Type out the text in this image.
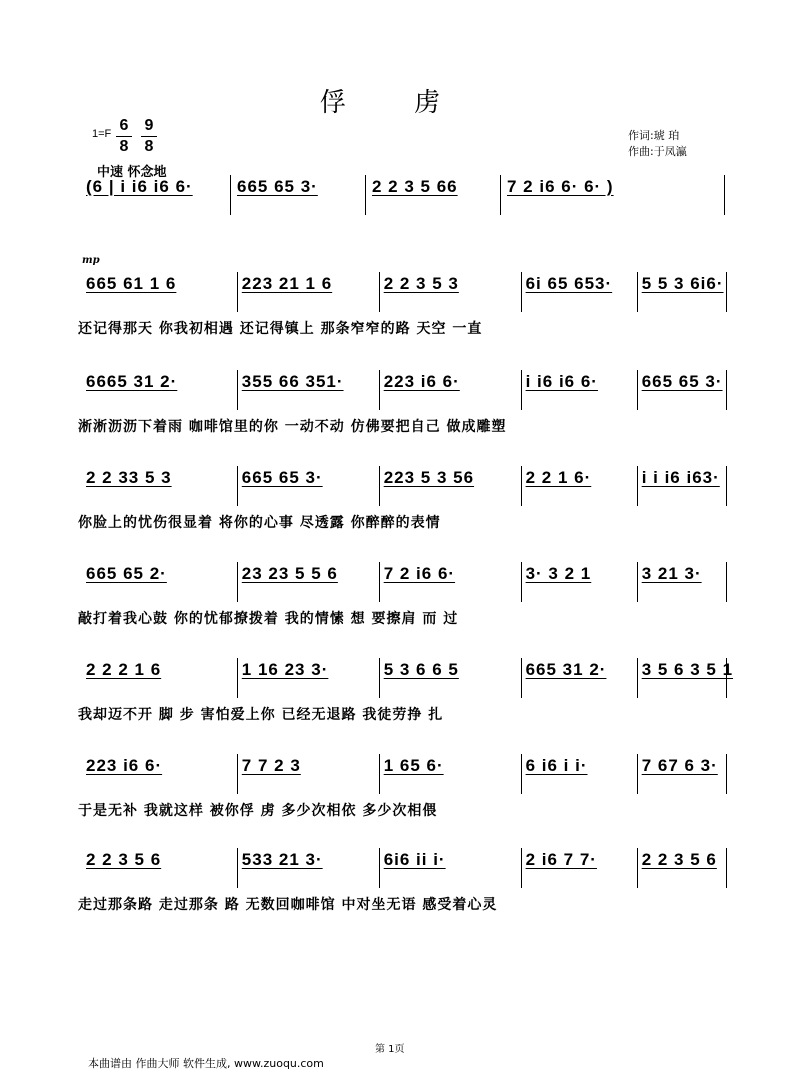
俘 虏
$1=F \frac{6}{8} \frac{9}{8}$
中速 怀念地
作词:琥 珀
作曲:于凤瀛
(6 | i i6 i6 6·	665 65 3·	2 2 3 5 66	7 2 i6 6· 6· )
mp
665 61 1 6	223 21 1 6	2 2 3 5 3	6i 65 653·	5 5 3 6i6·
还记得那天 你我初相遇 还记得镇上 那条窄窄的路 天空 一直
6665 31 2·	355 66 351·	223 i6 6·	i i6 i6 6·	665 65 3·
淅淅沥沥下着雨 咖啡馆里的你 一动不动 仿佛要把自己 做成雕塑
2 2 33 5 3	665 65 3·	223 5 3 56	2 2 1 6·	i i i6 i63·
你脸上的忧伤很显着 将你的心事 尽透露 你醉醉的表情
665 65 2·	23 23 5 5 6	7 2 i6 6·	3· 3 2 1	3 21 3·
敲打着我心鼓 你的忧郁撩拨着 我的情愫 想 要擦肩 而 过
2 2 2 1 6	1 16 23 3·	5 3 6 6 5	665 31 2·	3 5 6 3 5 1
我却迈不开 脚 步 害怕爱上你 已经无退路 我徒劳挣 扎
223 i6 6·	7 7 2 3	1 65 6·	6 i6 i i·	7 67 6 3·
于是无补 我就这样 被你俘 虏 多少次相依 多少次相偎
2 2 3 5 6	533 21 3·	6i6 ii i·	2 i6 7 7·	2 2 3 5 6
走过那条路 走过那条 路 无数回咖啡馆 中对坐无语 感受着心灵
第 1页
本曲谱由 作曲大师 软件生成, www.zuoqu.com
